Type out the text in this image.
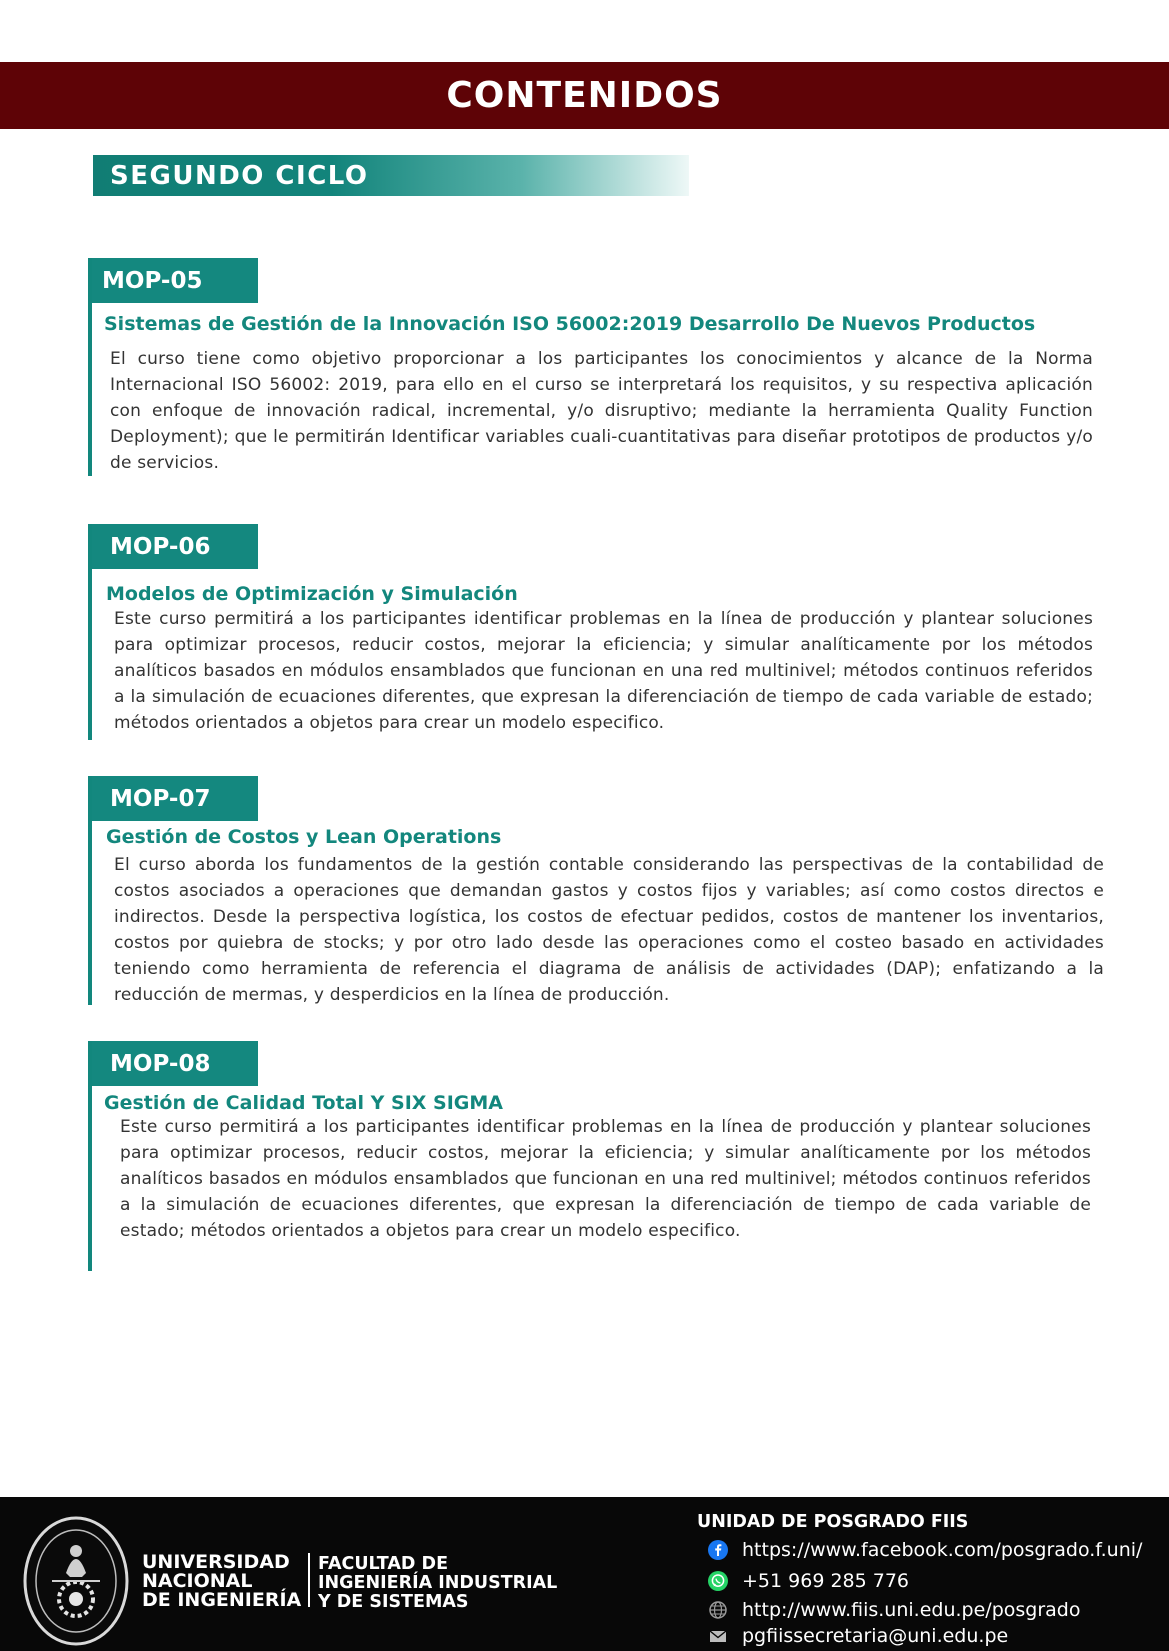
CONTENIDOS
SEGUNDO CICLO
MOP-05
Sistemas de Gestión de la Innovación ISO 56002:2019 Desarrollo De Nuevos Productos

El curso tiene como objetivo proporcionar a los participantes los conocimientos y alcance de la Norma Internacional ISO 56002: 2019, para ello en el curso se interpretará los requisitos, y su respectiva aplicación con enfoque de innovación radical, incremental, y/o disruptivo; mediante la herramienta Quality Function Deployment); que le permitirán Identificar variables cuali-cuantitativas para diseñar prototipos de productos y/o de servicios.

MOP-06
Modelos de Optimización y Simulación

Este curso permitirá a los participantes identificar problemas en la línea de producción y plantear soluciones para optimizar procesos, reducir costos, mejorar la eficiencia; y simular analíticamente por los métodos analíticos basados en módulos ensamblados que funcionan en una red multinivel; métodos continuos referidos a la simulación de ecuaciones diferentes, que expresan la diferenciación de tiempo de cada variable de estado; métodos orientados a objetos para crear un modelo especifico.

MOP-07
Gestión de Costos y Lean Operations

El curso aborda los fundamentos de la gestión contable considerando las perspectivas de la contabilidad de costos asociados a operaciones que demandan gastos y costos fijos y variables; así como costos directos e indirectos. Desde la perspectiva logística, los costos de efectuar pedidos, costos de mantener los inventarios, costos por quiebra de stocks; y por otro lado desde las operaciones como el costeo basado en actividades teniendo como herramienta de referencia el diagrama de análisis de actividades (DAP); enfatizando a la reducción de mermas, y desperdicios en la línea de producción.

MOP-08
Gestión de Calidad Total Y SIX SIGMA

Este curso permitirá a los participantes identificar problemas en la línea de producción y plantear soluciones para optimizar procesos, reducir costos, mejorar la eficiencia; y simular analíticamente por los métodos analíticos basados en módulos ensamblados que funcionan en una red multinivel; métodos continuos referidos a la simulación de ecuaciones diferentes, que expresan la diferenciación de tiempo de cada variable de estado; métodos orientados a objetos para crear un modelo especifico.

UNIVERSIDAD
NACIONAL
DE INGENIERÍA
FACULTAD DE
INGENIERÍA INDUSTRIAL
Y DE SISTEMAS
UNIDAD DE POSGRADO FIIS
https://www.facebook.com/posgrado.f.uni/
+51 969 285 776
http://www.fiis.uni.edu.pe/posgrado
pgfiissecretaria@uni.edu.pe
